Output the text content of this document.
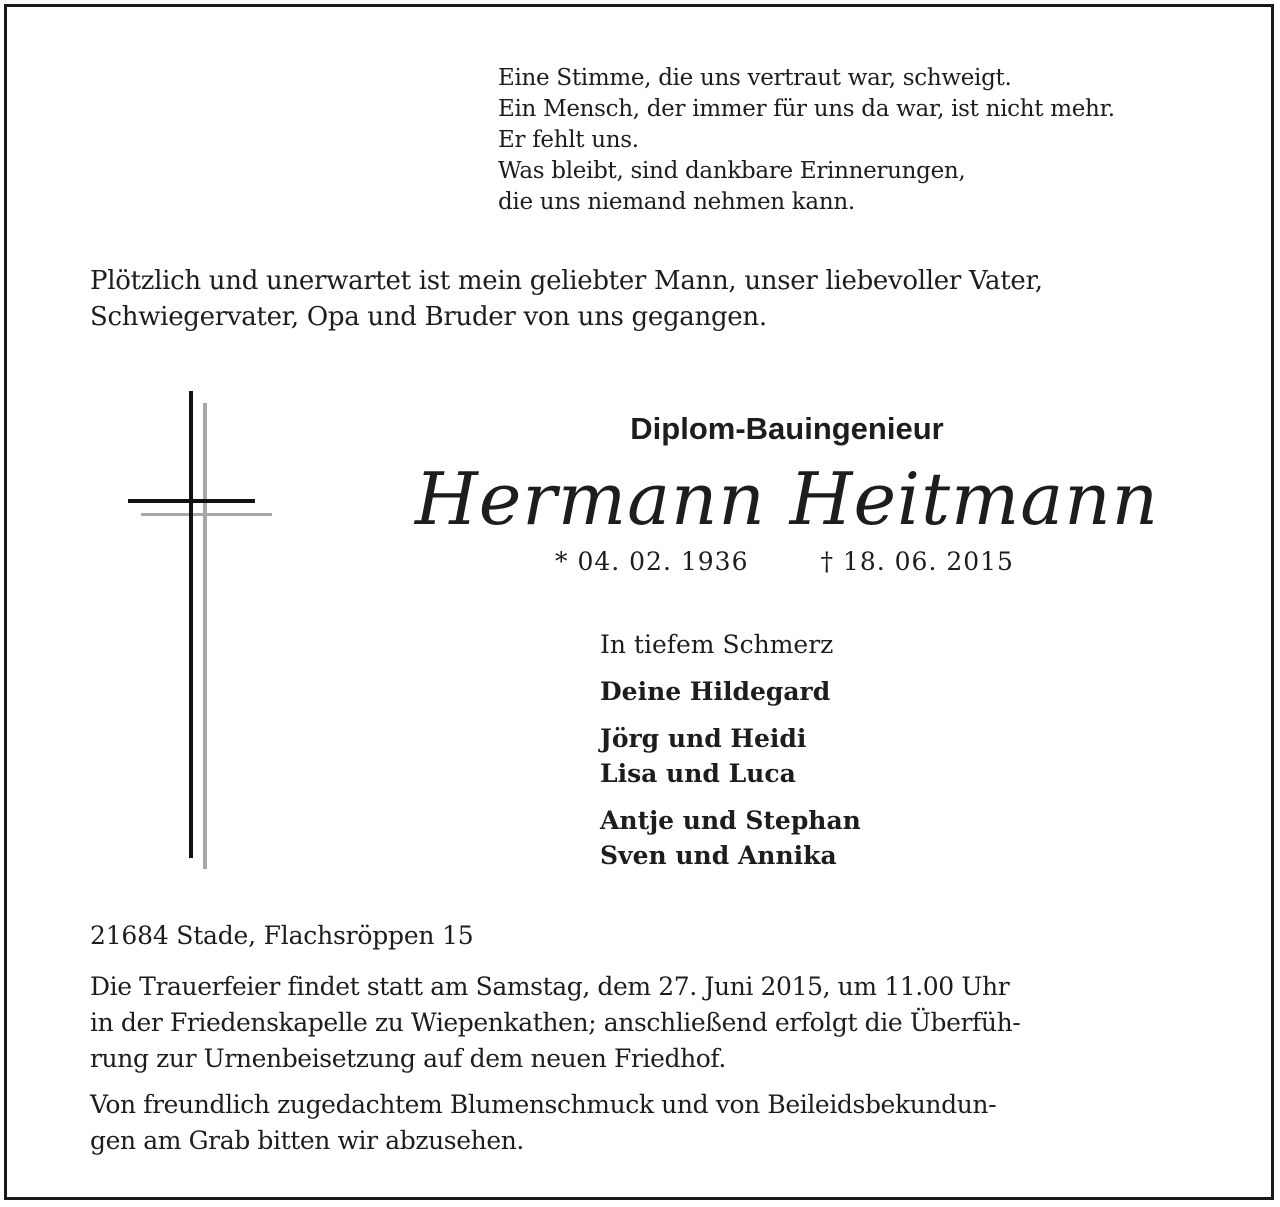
Eine Stimme, die uns vertraut war, schweigt.
Ein Mensch, der immer für uns da war, ist nicht mehr.
Er fehlt uns.
Was bleibt, sind dankbare Erinnerungen,
die uns niemand nehmen kann.
Plötzlich und unerwartet ist mein geliebter Mann, unser liebevoller Vater,
Schwiegervater, Opa und Bruder von uns gegangen.
Diplom-Bauingenieur
Hermann Heitmann
* 04. 02. 1936	† 18. 06. 2015
In tiefem Schmerz
Deine Hildegard
Jörg und Heidi
Lisa und Luca
Antje und Stephan
Sven und Annika
21684 Stade, Flachsröppen 15
Die Trauerfeier findet statt am Samstag, dem 27. Juni 2015, um 11.00 Uhr
in der Friedenskapelle zu Wiepenkathen; anschließend erfolgt die Überfüh-
rung zur Urnenbeisetzung auf dem neuen Friedhof.
Von freundlich zugedachtem Blumenschmuck und von Beileidsbekundun-
gen am Grab bitten wir abzusehen.
